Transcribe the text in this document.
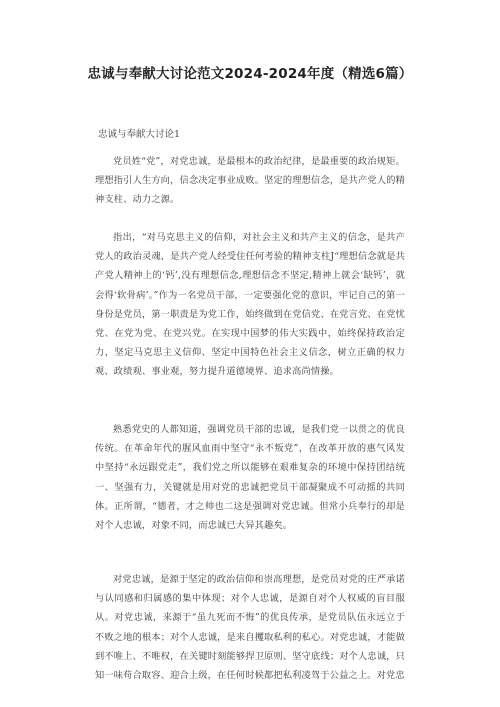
忠诚与奉献大讨论范文2024-2024年度（精选6篇）
忠诚与奉献大讨论1
党员姓“党”，对党忠诚，是最根本的政治纪律，是最重要的政治规矩。理想指引人生方向，信念决定事业成败。坚定的理想信念，是共产党人的精神支柱、动力之源。
指出，“对马克思主义的信仰，对社会主义和共产主义的信念，是共产党人的政治灵魂，是共产党人经受住任何考验的精神支柱J“理想信念就是共产党人精神上的‘钙’,没有理想信念,理想信念不坚定,精神上就会‘缺钙’，就会得‘软骨病’。”作为一名党员干部，一定要强化党的意识，牢记自己的第一身份是党员，第一职责是为党工作，始终做到在党信党、在党言党、在党忧党、在党为党、在党兴党。在实现中国梦的伟大实践中，始终保持政治定力，坚定马克思主义信仰、坚定中国特色社会主义信念，树立正确的权力观、政绩观、事业观，努力提升道德境界、追求高尚情操。
熟悉党史的人都知道，强调党员干部的忠诚，是我们党一以贯之的优良传统。在革命年代的腥风血雨中坚守“永不叛党”，在改革开放的惠气风发中坚持“永远跟党走”，我们党之所以能够在艰难复杂的环境中保持团结统一、坚强有力，关键就是用对党的忠诚把党员干部凝聚成不可动摇的共同体。正所谓，“德者，才之帅也二这是强调对党忠诚。但常小兵奉行的却是对个人忠诚，对象不同，而忠诚已大异其趣矣。
对党忠诚，是源于坚定的政治信仰和崇高理想，是党员对党的庄严承诺与认同感和归属感的集中体现；对个人忠诚，是源自对个人权威的盲目服从。对党忠诚，来源于“虽九死而不悔”的优良传承，是党员队伍永远立于不败之地的根本；对个人忠诚，是来自攫取私利的私心。对党忠诚，才能做到不唯上、不唯权，在关键时刻能够捍卫原则、坚守底线；对个人忠诚，只知一味苟合取容、迎合上级，在任何时候都把私利凌驾于公益之上。对党忠
